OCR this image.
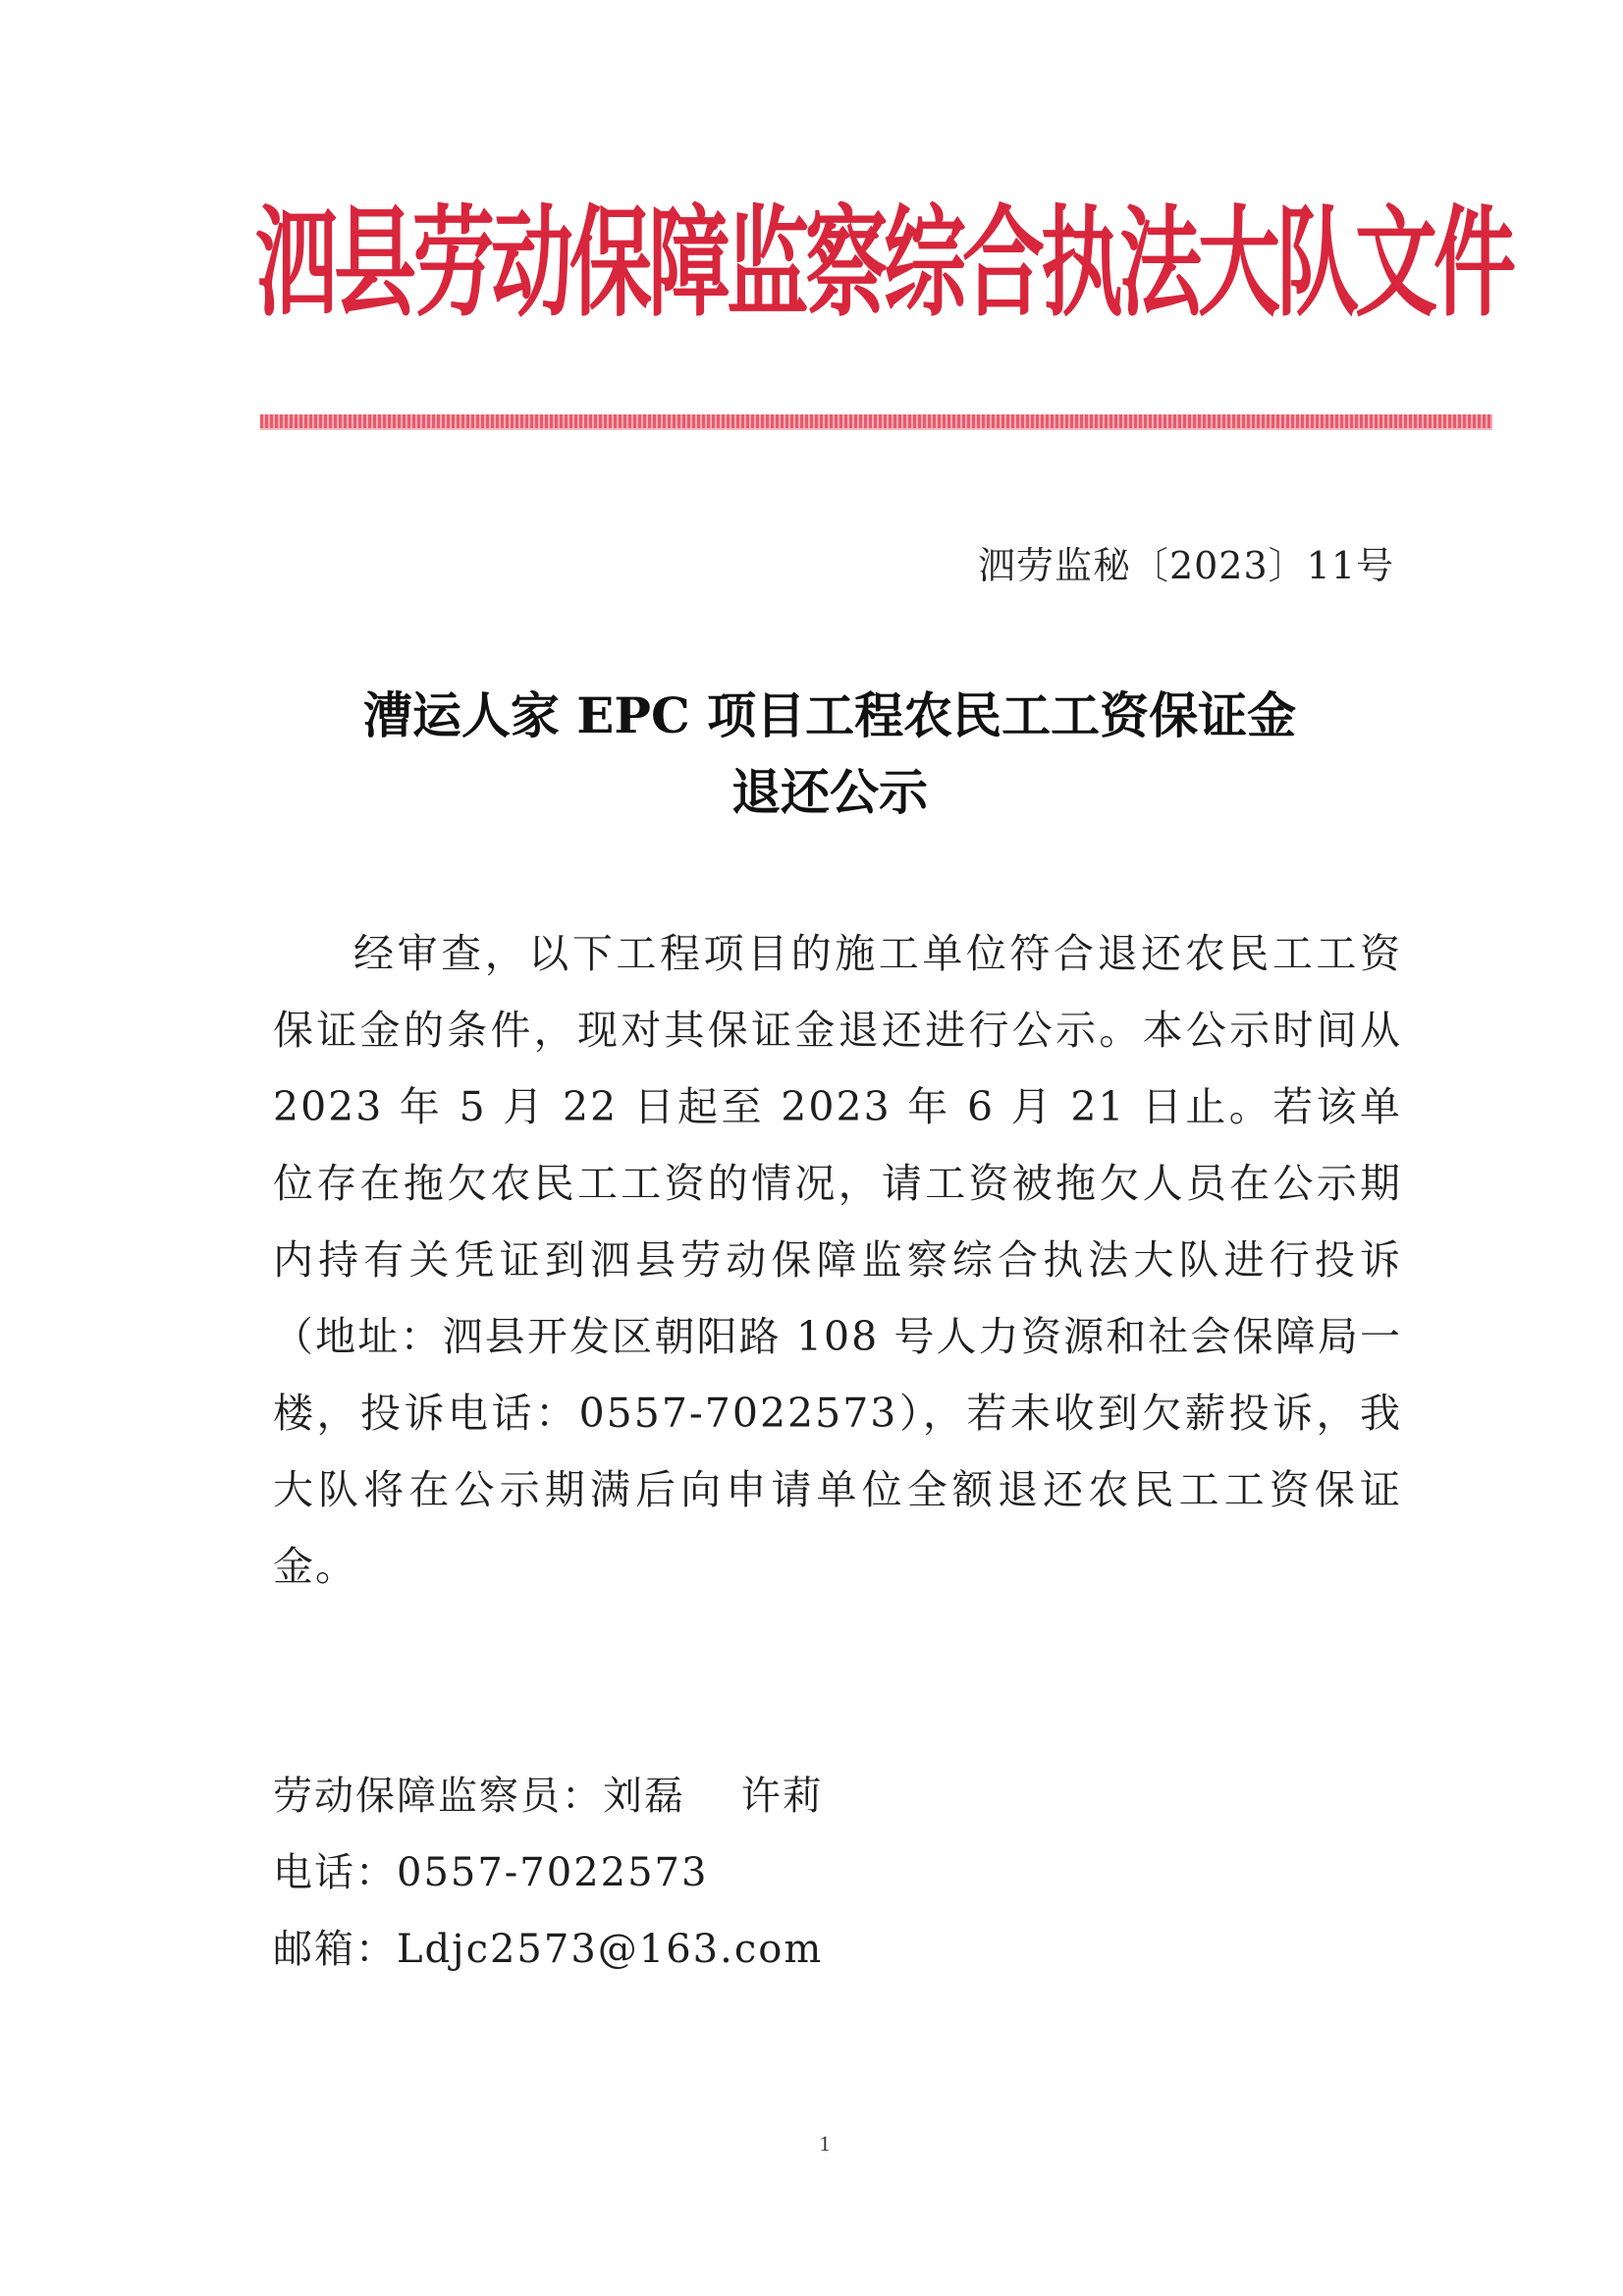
泗县劳动保障监察综合执法大队文件
泗劳监秘〔2023〕11号
漕运人家 EPC 项目工程农民工工资保证金
退还公示

经审查，以下工程项目的施工单位符合退还农民工工资保证金的条件，现对其保证金退还进行公示。本公示时间从2023 年 5 月 22 日起至 2023 年 6 月 21 日止。若该单位存在拖欠农民工工资的情况，请工资被拖欠人员在公示期内持有关凭证到泗县劳动保障监察综合执法大队进行投诉（地址：泗县开发区朝阳路 108 号人力资源和社会保障局一楼，投诉电话：0557-7022573），若未收到欠薪投诉，我大队将在公示期满后向申请单位全额退还农民工工资保证金。

劳动保障监察员：刘磊　 许莉
电话：0557-7022573
邮箱：Ldjc2573@163.com
1
